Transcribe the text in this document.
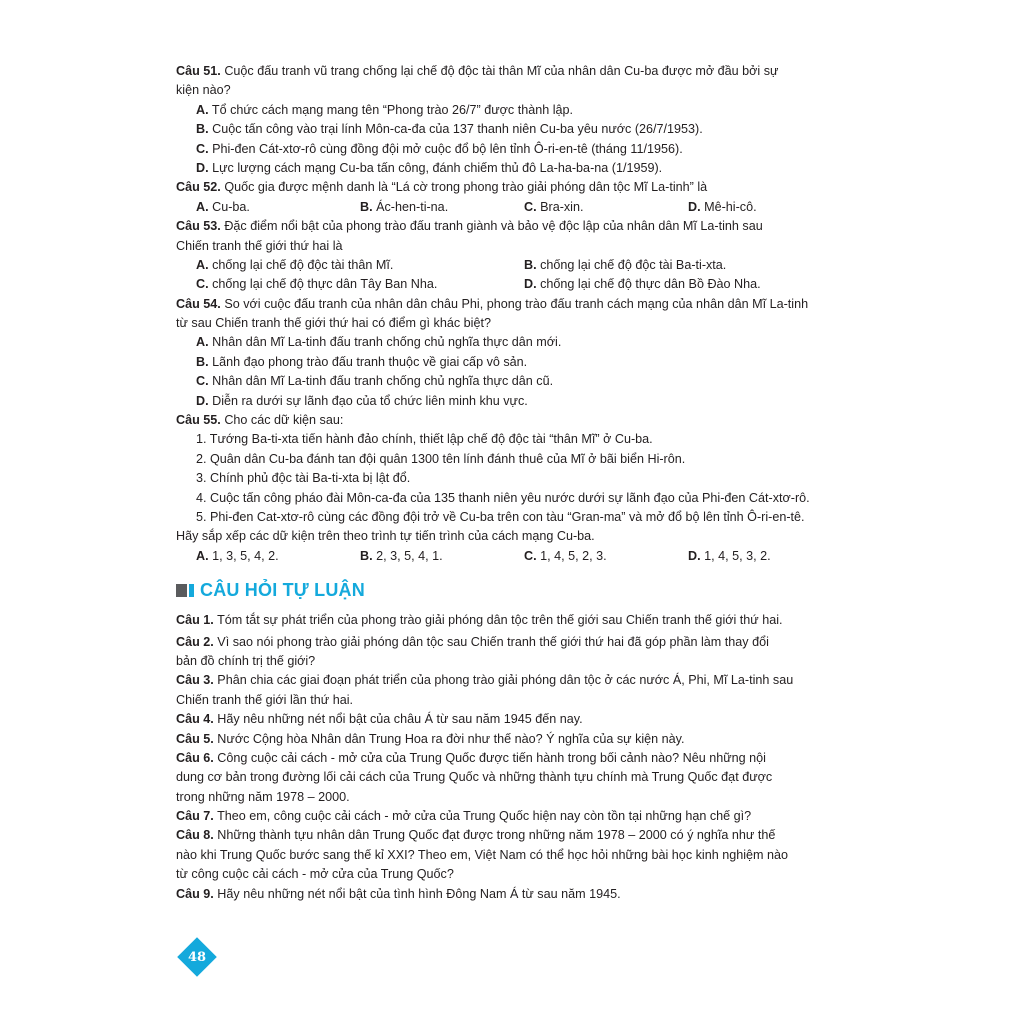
Câu 51. Cuộc đấu tranh vũ trang chống lại chế độ độc tài thân Mĩ của nhân dân Cu-ba được mở đầu bởi sự
kiện nào?
A. Tổ chức cách mạng mang tên “Phong trào 26/7” được thành lập.
B. Cuộc tấn công vào trại lính Môn-ca-đa của 137 thanh niên Cu-ba yêu nước (26/7/1953).
C. Phi-đen Cát-xtơ-rô cùng đồng đội mở cuộc đổ bộ lên tỉnh Ô-ri-en-tê (tháng 11/1956).
D. Lực lượng cách mạng Cu-ba tấn công, đánh chiếm thủ đô La-ha-ba-na (1/1959).
Câu 52. Quốc gia được mệnh danh là “Lá cờ trong phong trào giải phóng dân tộc Mĩ La-tinh” là
A. Cu-ba.	B. Ác-hen-ti-na.	C. Bra-xin.	D. Mê-hi-cô.
Câu 53. Đặc điểm nổi bật của phong trào đấu tranh giành và bảo vệ độc lập của nhân dân Mĩ La-tinh sau
Chiến tranh thế giới thứ hai là
A. chống lại chế độ độc tài thân Mĩ.	B. chống lại chế độ độc tài Ba-ti-xta.
C. chống lại chế độ thực dân Tây Ban Nha.	D. chống lại chế độ thực dân Bồ Đào Nha.
Câu 54. So với cuộc đấu tranh của nhân dân châu Phi, phong trào đấu tranh cách mạng của nhân dân Mĩ La-tinh
từ sau Chiến tranh thế giới thứ hai có điểm gì khác biệt?
A. Nhân dân Mĩ La-tinh đấu tranh chống chủ nghĩa thực dân mới.
B. Lãnh đạo phong trào đấu tranh thuộc về giai cấp vô sản.
C. Nhân dân Mĩ La-tinh đấu tranh chống chủ nghĩa thực dân cũ.
D. Diễn ra dưới sự lãnh đạo của tổ chức liên minh khu vực.
Câu 55. Cho các dữ kiện sau:
1. Tướng Ba-ti-xta tiến hành đảo chính, thiết lập chế độ độc tài “thân Mĩ” ở Cu-ba.
2. Quân dân Cu-ba đánh tan đội quân 1300 tên lính đánh thuê của Mĩ ở bãi biển Hi-rôn.
3. Chính phủ độc tài Ba-ti-xta bị lật đổ.
4. Cuộc tấn công pháo đài Môn-ca-đa của 135 thanh niên yêu nước dưới sự lãnh đạo của Phi-đen Cát-xtơ-rô.
5. Phi-đen Cat-xtơ-rô cùng các đồng đội trở về Cu-ba trên con tàu “Gran-ma” và mở đổ bộ lên tỉnh Ô-ri-en-tê.
Hãy sắp xếp các dữ kiện trên theo trình tự tiến trình của cách mạng Cu-ba.
A. 1, 3, 5, 4, 2.	B. 2, 3, 5, 4, 1.	C. 1, 4, 5, 2, 3.	D. 1, 4, 5, 3, 2.
CÂU HỎI TỰ LUẬN
Câu 1. Tóm tắt sự phát triển của phong trào giải phóng dân tộc trên thế giới sau Chiến tranh thế giới thứ hai.
Câu 2. Vì sao nói phong trào giải phóng dân tộc sau Chiến tranh thế giới thứ hai đã góp phần làm thay đổi
bản đồ chính trị thế giới?
Câu 3. Phân chia các giai đoạn phát triển của phong trào giải phóng dân tộc ở các nước Á, Phi, Mĩ La-tinh sau
Chiến tranh thế giới lần thứ hai.
Câu 4. Hãy nêu những nét nổi bật của châu Á từ sau năm 1945 đến nay.
Câu 5. Nước Cộng hòa Nhân dân Trung Hoa ra đời như thế nào? Ý nghĩa của sự kiện này.
Câu 6. Công cuộc cải cách - mở cửa của Trung Quốc được tiến hành trong bối cảnh nào? Nêu những nội
dung cơ bản trong đường lối cải cách của Trung Quốc và những thành tựu chính mà Trung Quốc đạt được
trong những năm 1978 – 2000.
Câu 7. Theo em, công cuộc cải cách - mở cửa của Trung Quốc hiện nay còn tồn tại những hạn chế gì?
Câu 8. Những thành tựu nhân dân Trung Quốc đạt được trong những năm 1978 – 2000 có ý nghĩa như thế
nào khi Trung Quốc bước sang thế kỉ XXI? Theo em, Việt Nam có thể học hỏi những bài học kinh nghiệm nào
từ công cuộc cải cách - mở cửa của Trung Quốc?
Câu 9. Hãy nêu những nét nổi bật của tình hình Đông Nam Á từ sau năm 1945.
48
